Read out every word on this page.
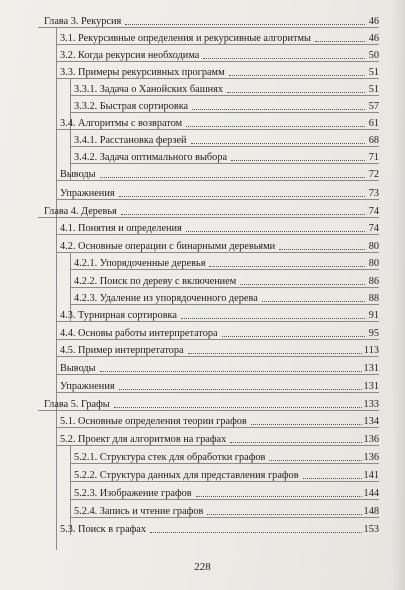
Глава 3. Рекурсия	46
3.1. Рекурсивные определения и рекурсивные алгоритмы	46
3.2. Когда рекурсия необходима	50
3.3. Примеры рекурсивных программ	51
3.3.1. Задача о Ханойских башнях	51
3.3.2. Быстрая сортировка	57
3.4. Алгоритмы с возвратом	61
3.4.1. Расстановка ферзей	68
3.4.2. Задача оптимального выбора	71
Выводы	72
Упражнения	73
Глава 4. Деревья	74
4.1. Понятия и определения	74
4.2. Основные операции с бинарными деревьями	80
4.2.1. Упорядоченные деревья	80
4.2.2. Поиск по дереву с включением	86
4.2.3. Удаление из упорядоченного дерева	88
4.3. Турнирная сортировка	91
4.4. Основы работы интерпретатора	95
4.5. Пример интерпретатора	113
Выводы	131
Упражнения	131
Глава 5. Графы	133
5.1. Основные определения теории графов	134
5.2. Проект для алгоритмов на графах	136
5.2.1. Структура стек для обработки графов	136
5.2.2. Структура данных для представления графов	141
5.2.3. Изображение графов	144
5.2.4. Запись и чтение графов	148
5.3. Поиск в графах	153
228
